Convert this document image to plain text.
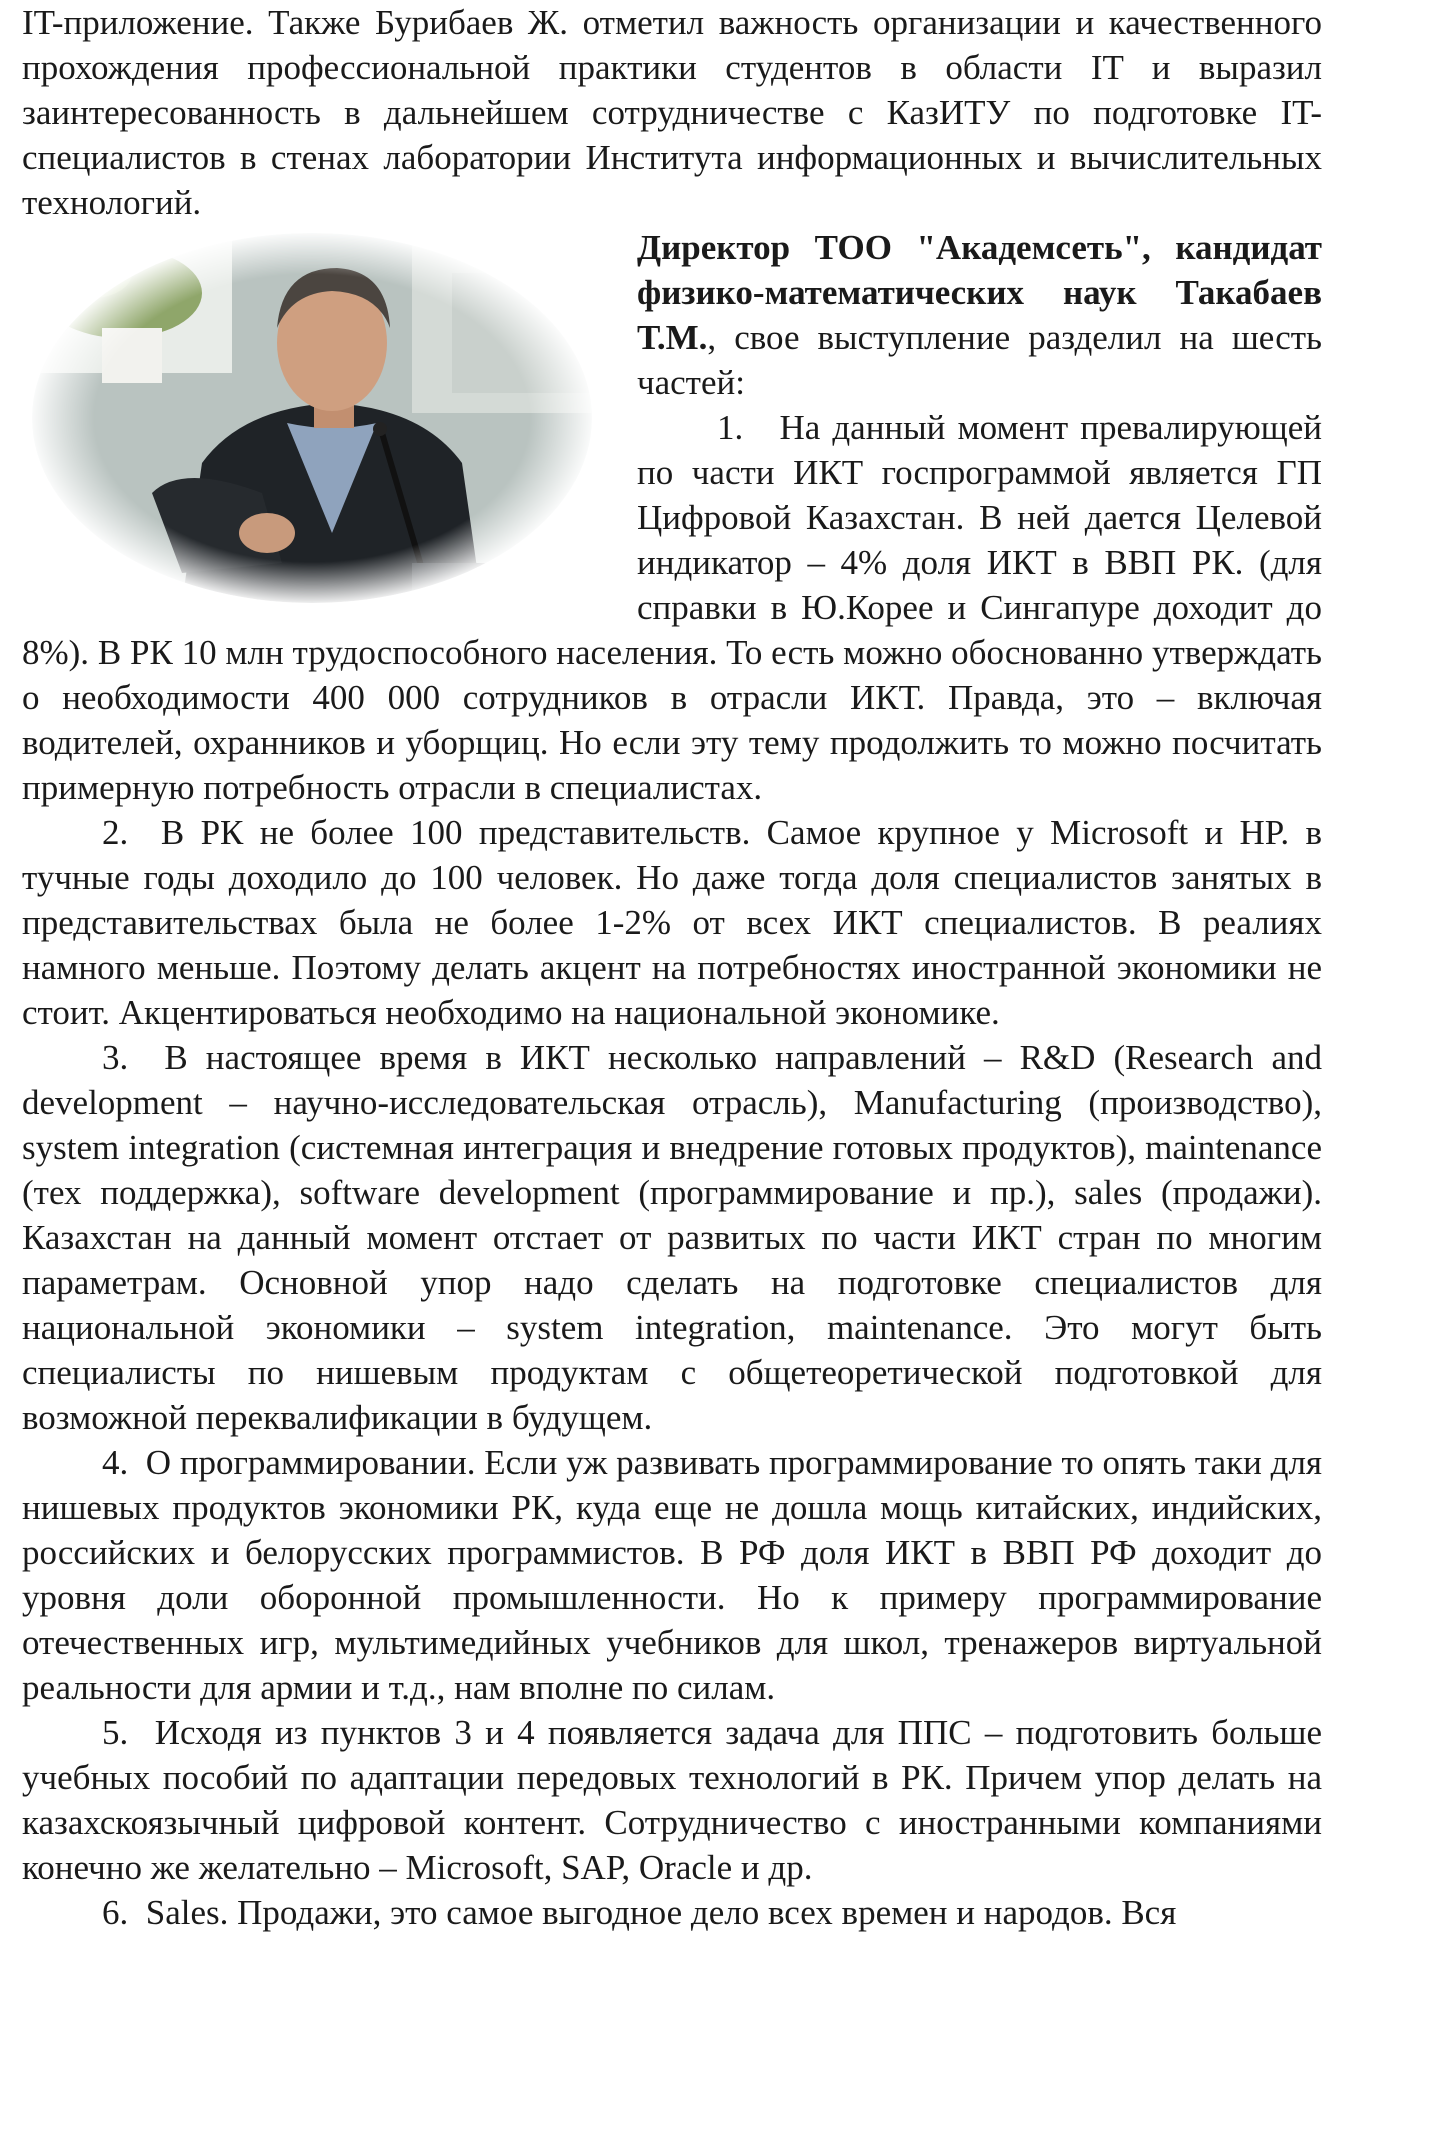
IT-приложение. Также Бурибаев Ж. отметил важность организации и качественного прохождения профессиональной практики студентов в области IT и выразил заинтересованность в дальнейшем сотрудничестве с КазИТУ по подготовке IT-специалистов в стенах лаборатории Института информационных и вычислительных технологий.

Директор ТОО "Академсеть", кандидат физико-математических наук Такабаев Т.М., свое выступление разделил на шесть частей:

1. На данный момент превалирующей по части ИКТ госпрограммой является ГП Цифровой Казахстан. В ней дается Целевой индикатор – 4% доля ИКТ в ВВП РК. (для справки в Ю.Корее и Сингапуре доходит до 8%). В РК 10 млн трудоспособного населения. То есть можно обоснованно утверждать о необходимости 400 000 сотрудников в отрасли ИКТ. Правда, это – включая водителей, охранников и уборщиц. Но если эту тему продолжить то можно посчитать примерную потребность отрасли в специалистах.

2. В РК не более 100 представительств. Самое крупное у Microsoft и HP. в тучные годы доходило до 100 человек. Но даже тогда доля специалистов занятых в представительствах была не более 1-2% от всех ИКТ специалистов. В реалиях намного меньше. Поэтому делать акцент на потребностях иностранной экономики не стоит. Акцентироваться необходимо на национальной экономике.

3. В настоящее время в ИКТ несколько направлений – R&D (Research and development – научно-исследовательская отрасль), Manufacturing (производство), system integration (системная интеграция и внедрение готовых продуктов), maintenance (тех поддержка), software development (программирование и пр.), sales (продажи). Казахстан на данный момент отстает от развитых по части ИКТ стран по многим параметрам. Основной упор надо сделать на подготовке специалистов для национальной экономики – system integration, maintenance. Это могут быть специалисты по нишевым продуктам с общетеоретической подготовкой для возможной переквалификации в будущем.

4. О программировании. Если уж развивать программирование то опять таки для нишевых продуктов экономики РК, куда еще не дошла мощь китайских, индийских, российских и белорусских программистов. В РФ доля ИКТ в ВВП РФ доходит до уровня доли оборонной промышленности. Но к примеру программирование отечественных игр, мультимедийных учебников для школ, тренажеров виртуальной реальности для армии и т.д., нам вполне по силам.

5. Исходя из пунктов 3 и 4 появляется задача для ППС – подготовить больше учебных пособий по адаптации передовых технологий в РК. Причем упор делать на казахскоязычный цифровой контент. Сотрудничество с иностранными компаниями конечно же желательно – Microsoft, SAP, Oracle и др.

6. Sales. Продажи, это самое выгодное дело всех времен и народов. Вся
